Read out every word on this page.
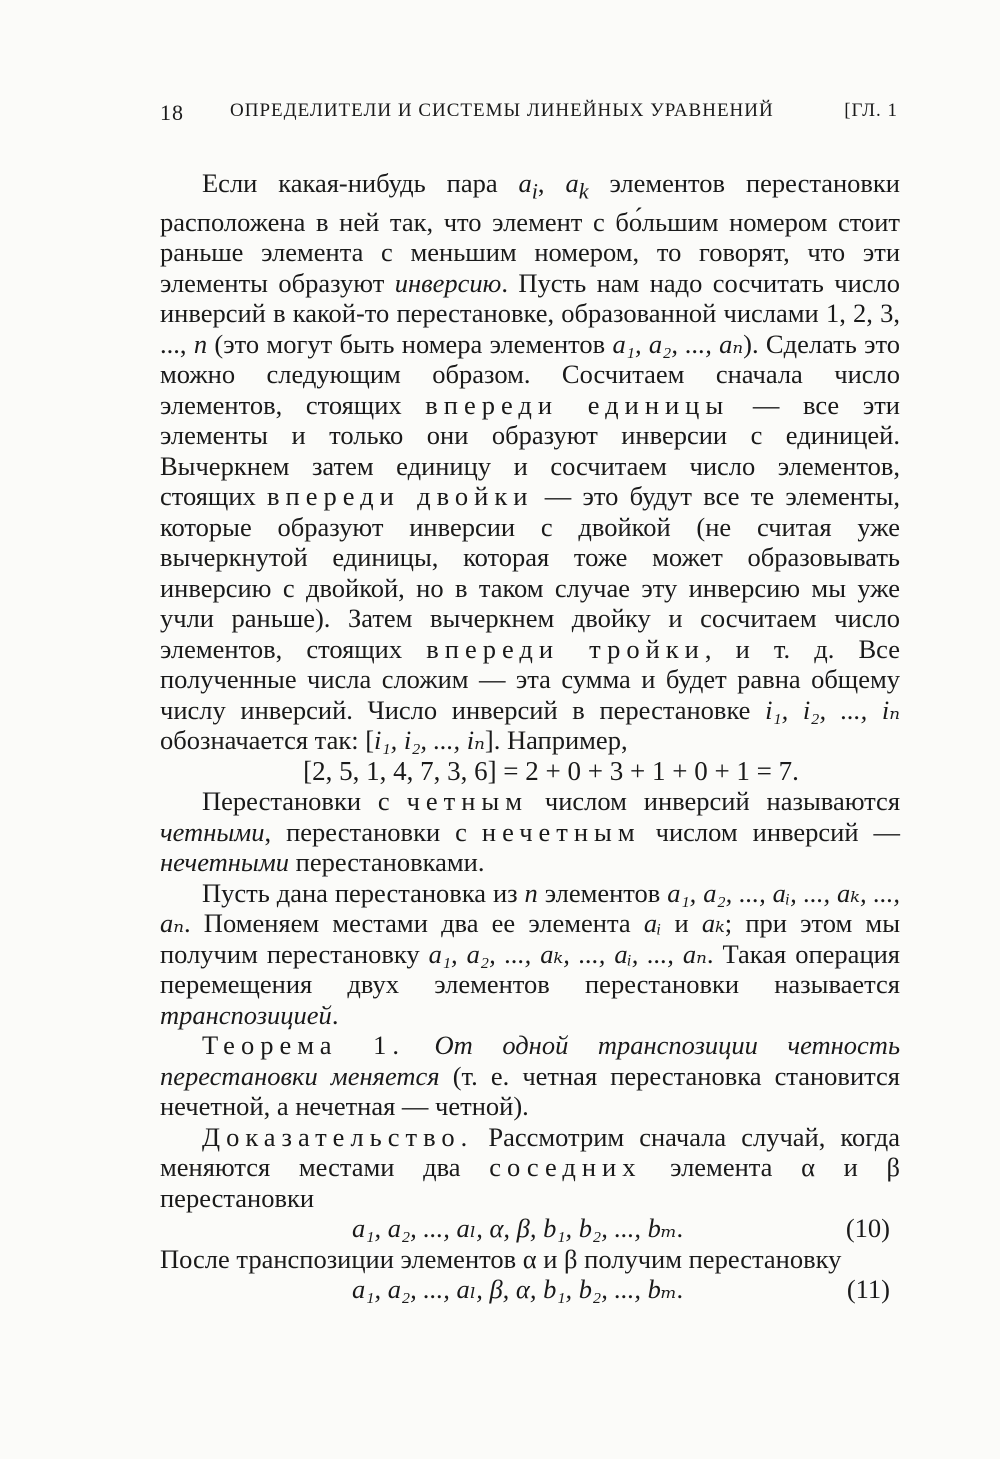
18 ОПРЕДЕЛИТЕЛИ И СИСТЕМЫ ЛИНЕЙНЫХ УРАВНЕНИЙ	[ГЛ. 1

Если какая-нибудь пара $a_i$, $a_k$ элементов перестановки расположена в ней так, что элемент с бо́льшим номером стоит раньше элемента с меньшим номером, то говорят, что эти элементы образуют инверсию. Пусть нам надо сосчитать число инверсий в какой-то перестановке, образованной числами 1, 2, 3, ..., n (это могут быть номера элементов a₁, a₂, ..., aₙ). Сделать это можно следующим образом. Сосчитаем сначала число элементов, стоящих впереди единицы — все эти элементы и только они образуют инверсии с единицей. Вычеркнем затем единицу и сосчитаем число элементов, стоящих впереди двойки — это будут все те элементы, которые образуют инверсии с двойкой (не считая уже вычеркнутой единицы, которая тоже может образовывать инверсию с двойкой, но в таком случае эту инверсию мы уже учли раньше). Затем вычеркнем двойку и сосчитаем число элементов, стоящих впереди тройки, и т. д. Все полученные числа сложим — эта сумма и будет равна общему числу инверсий. Число инверсий в перестановке i₁, i₂, ..., iₙ обозначается так: [i₁, i₂, ..., iₙ]. Например,

[2, 5, 1, 4, 7, 3, 6] = 2 + 0 + 3 + 1 + 0 + 1 = 7.

Перестановки с четным числом инверсий называются четными, перестановки с нечетным числом инверсий — нечетными перестановками.

Пусть дана перестановка из n элементов a₁, a₂, ..., aᵢ, ..., aₖ, ..., aₙ. Поменяем местами два ее элемента aᵢ и aₖ; при этом мы получим перестановку a₁, a₂, ..., aₖ, ..., aᵢ, ..., aₙ. Такая операция перемещения двух элементов перестановки называется транспозицией.

Теорема 1. От одной транспозиции четность перестановки меняется (т. е. четная перестановка становится нечетной, а нечетная — четной).

Доказательство. Рассмотрим сначала случай, когда меняются местами два соседних элемента α и β перестановки

a₁, a₂, ..., aₗ, α, β, b₁, b₂, ..., bₘ.	(10)

После транспозиции элементов α и β получим перестановку

a₁, a₂, ..., aₗ, β, α, b₁, b₂, ..., bₘ.	(11)
